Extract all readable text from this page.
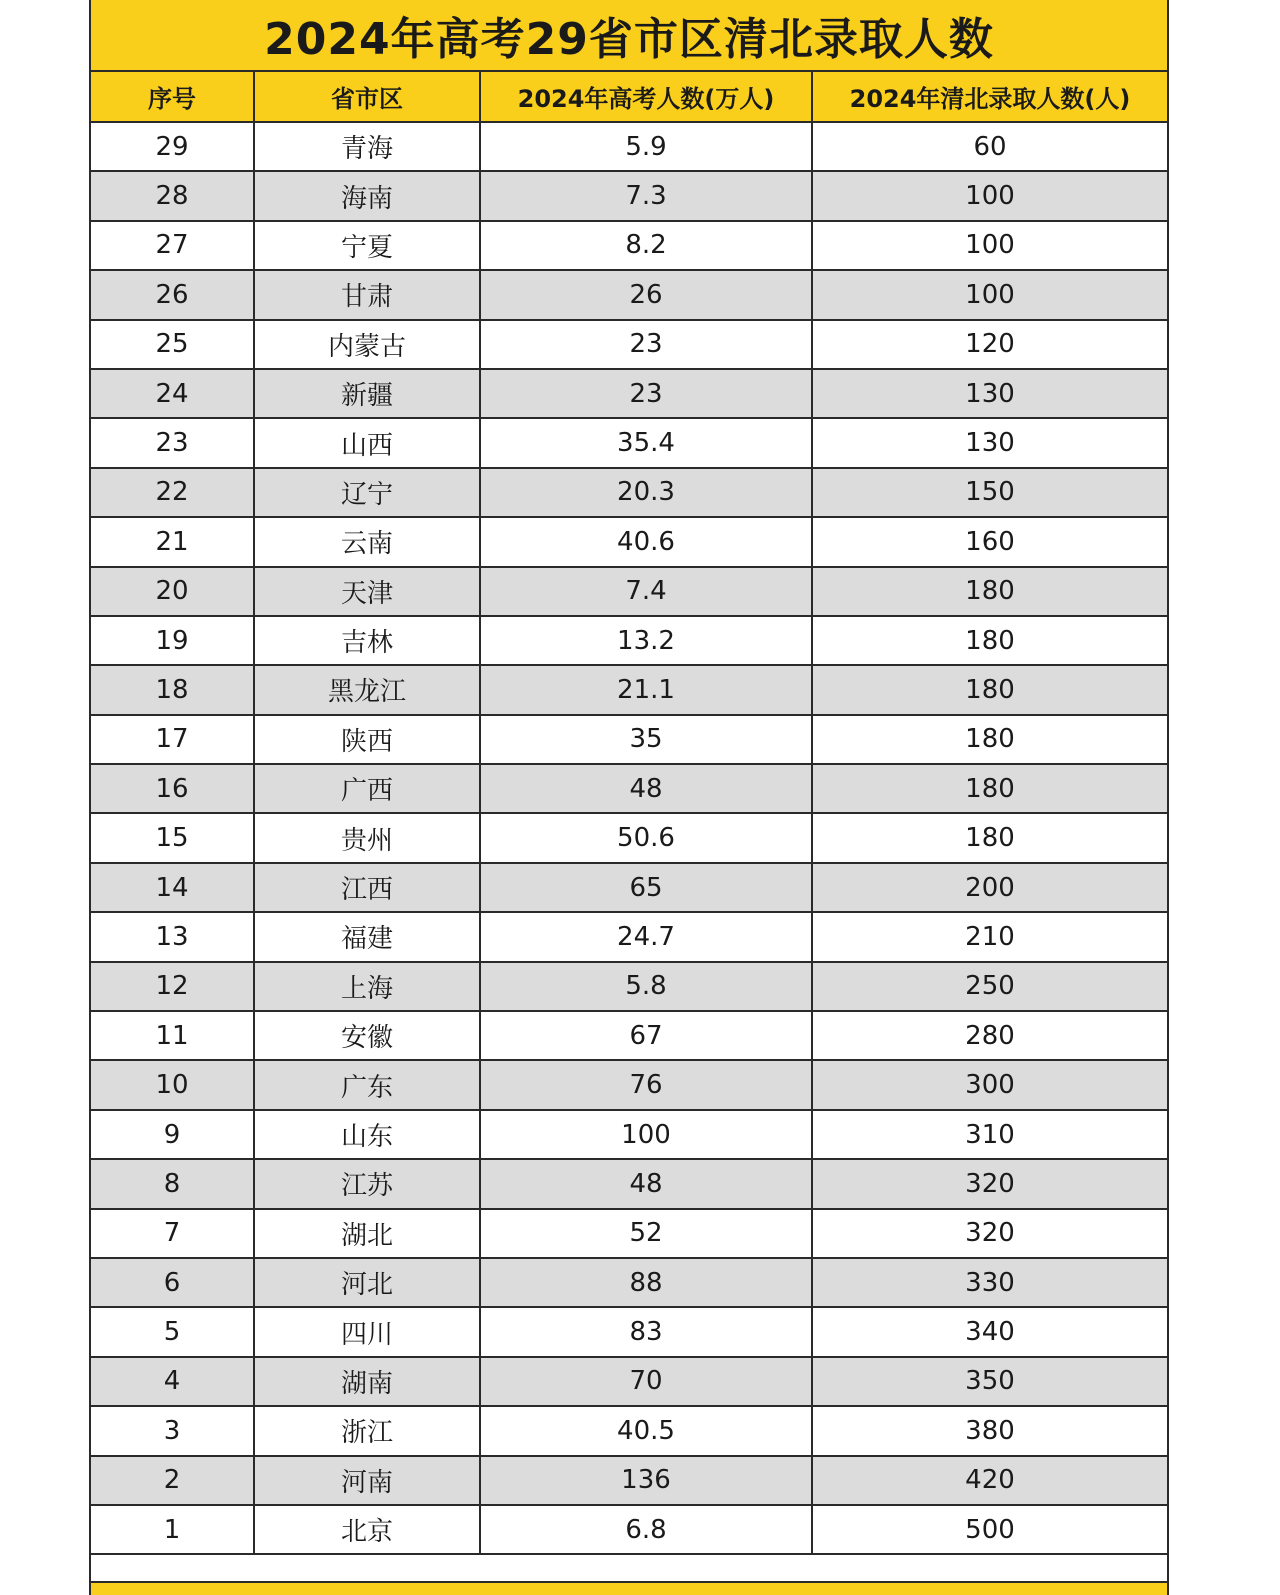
2024年高考29省市区清北录取人数
序号	省市区	2024年高考人数(万人)	2024年清北录取人数(人)
29	青海	5.9	60
28	海南	7.3	100
27	宁夏	8.2	100
26	甘肃	26	100
25	内蒙古	23	120
24	新疆	23	130
23	山西	35.4	130
22	辽宁	20.3	150
21	云南	40.6	160
20	天津	7.4	180
19	吉林	13.2	180
18	黑龙江	21.1	180
17	陕西	35	180
16	广西	48	180
15	贵州	50.6	180
14	江西	65	200
13	福建	24.7	210
12	上海	5.8	250
11	安徽	67	280
10	广东	76	300
9	山东	100	310
8	江苏	48	320
7	湖北	52	320
6	河北	88	330
5	四川	83	340
4	湖南	70	350
3	浙江	40.5	380
2	河南	136	420
1	北京	6.8	500
